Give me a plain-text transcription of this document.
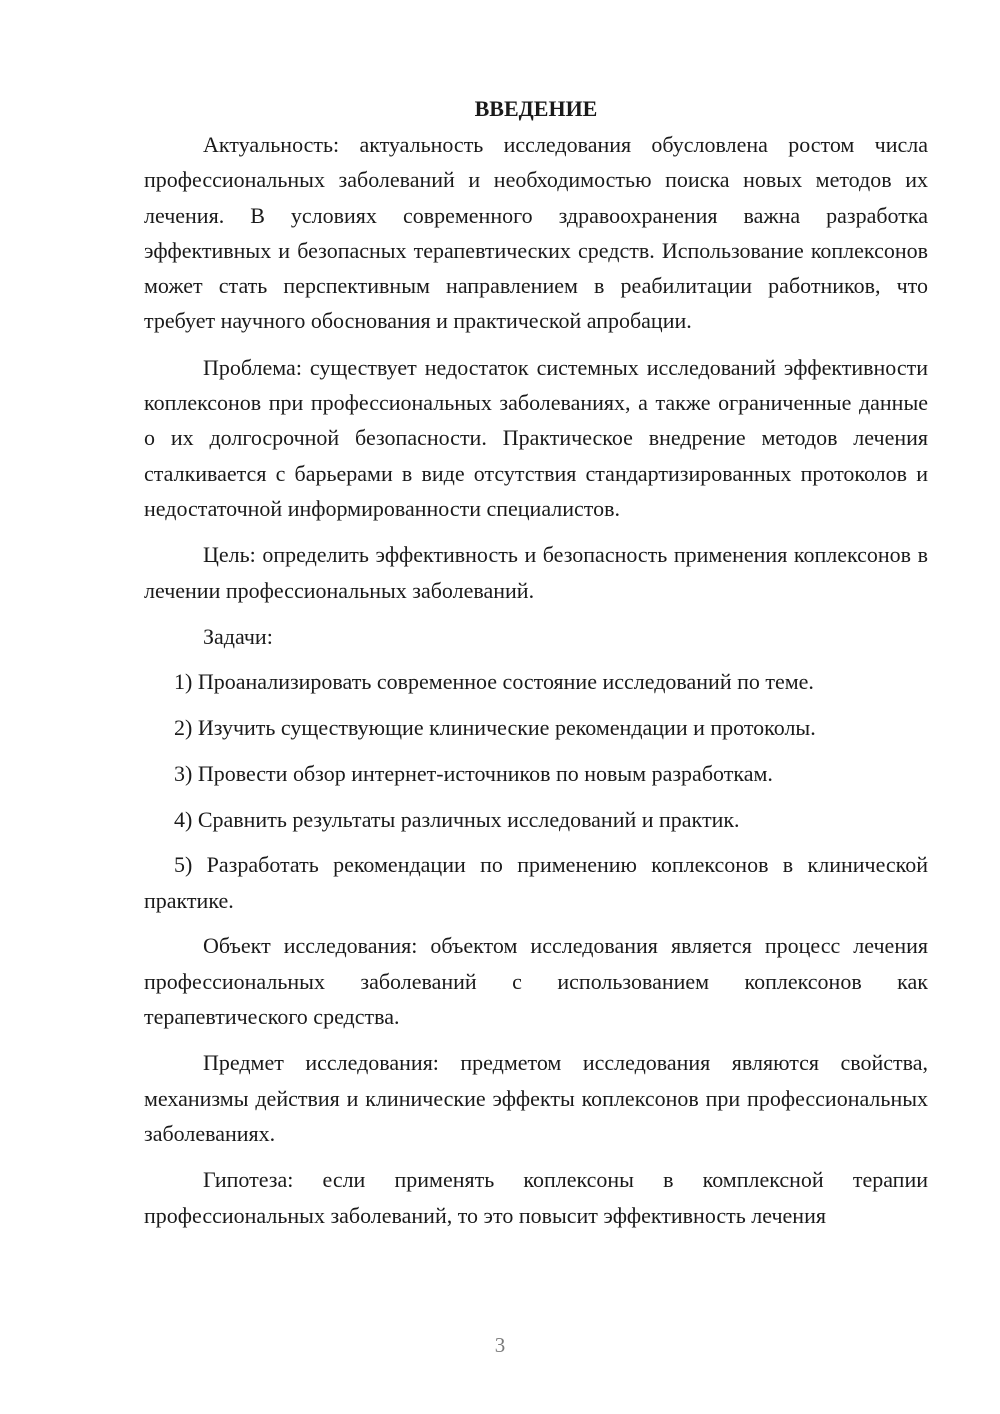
ВВЕДЕНИЕ

Актуальность: актуальность исследования обусловлена ростом числа профессиональных заболеваний и необходимостью поиска новых методов их лечения. В условиях современного здравоохранения важна разработка эффективных и безопасных терапевтических средств. Использование коплексонов может стать перспективным направлением в реабилитации работников, что требует научного обоснования и практической апробации.

Проблема: существует недостаток системных исследований эффективности коплексонов при профессиональных заболеваниях, а также ограниченные данные о их долгосрочной безопасности. Практическое внедрение методов лечения сталкивается с барьерами в виде отсутствия стандартизированных протоколов и недостаточной информированности специалистов.

Цель: определить эффективность и безопасность применения коплексонов в лечении профессиональных заболеваний.

Задачи:

1) Проанализировать современное состояние исследований по теме.

2) Изучить существующие клинические рекомендации и протоколы.

3) Провести обзор интернет-источников по новым разработкам.

4) Сравнить результаты различных исследований и практик.

5) Разработать рекомендации по применению коплексонов в клинической практике.

Объект исследования: объектом исследования является процесс лечения профессиональных заболеваний с использованием коплексонов как терапевтического средства.

Предмет исследования: предметом исследования являются свойства, механизмы действия и клинические эффекты коплексонов при профессиональных заболеваниях.

Гипотеза: если применять коплексоны в комплексной терапии профессиональных заболеваний, то это повысит эффективность лечения

3
